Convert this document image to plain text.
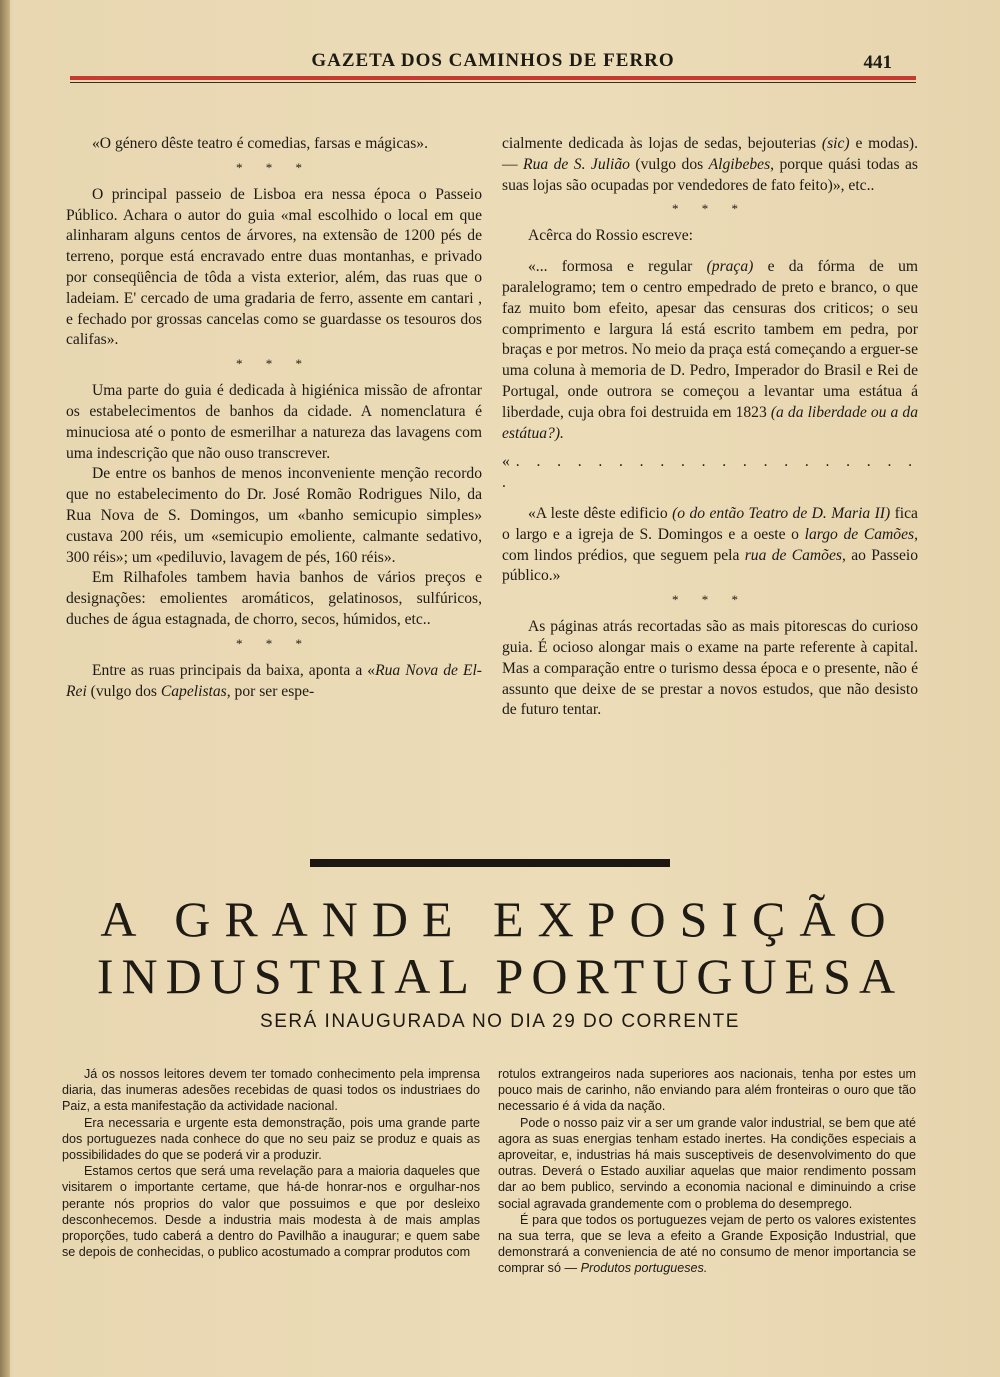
GAZETA DOS CAMINHOS DE FERRO	441

«O género dêste teatro é comedias, farsas e mágicas».

* * *

O principal passeio de Lisboa era nessa época o Passeio Público. Achara o autor do guia «mal escolhido o local em que alinharam alguns centos de árvores, na extensão de 1200 pés de terreno, porque está encravado entre duas montanhas, e privado por conseqüência de tôda a vista exterior, além, das ruas que o ladeiam. E' cercado de uma gradaria de ferro, assente em cantari , e fechado por grossas cancelas como se guardasse os tesouros dos califas».

* * *

Uma parte do guia é dedicada à higiénica missão de afrontar os estabelecimentos de banhos da cidade. A nomenclatura é minuciosa até o ponto de esmerilhar a natureza das lavagens com uma indescrição que não ouso transcrever.

De entre os banhos de menos inconveniente menção recordo que no estabelecimento do Dr. José Romão Rodrigues Nilo, da Rua Nova de S. Domingos, um «banho semicupio simples» custava 200 réis, um «semicupio emoliente, calmante sedativo, 300 réis»; um «pediluvio, lavagem de pés, 160 réis».

Em Rilhafoles tambem havia banhos de vários preços e designações: emolientes aromáticos, gelatinosos, sulfúricos, duches de água estagnada, de chorro, secos, húmidos, etc..

* * *

Entre as ruas principais da baixa, aponta a «Rua Nova de El-Rei (vulgo dos Capelistas, por ser espe-

cialmente dedicada às lojas de sedas, bejouterias (sic) e modas). — Rua de S. Julião (vulgo dos Algibebes, porque quási todas as suas lojas são ocupadas por vendedores de fato feito)», etc..

* * *

Acêrca do Rossio escreve:

«... formosa e regular (praça) e da fórma de um paralelogramo; tem o centro empedrado de preto e branco, o que faz muito bom efeito, apesar das censuras dos criticos; o seu comprimento e largura lá está escrito tambem em pedra, por braças e por metros. No meio da praça está começando a erguer-se uma coluna à memoria de D. Pedro, Imperador do Brasil e Rei de Portugal, onde outrora se começou a levantar uma estátua á liberdade, cuja obra foi destruida em 1823 (a da liberdade ou a da estátua?).

«. . . . . . . . . . . . . . . . . . . . .

«A leste dêste edificio (o do então Teatro de D. Maria II) fica o largo e a igreja de S. Domingos e a oeste o largo de Camões, com lindos prédios, que seguem pela rua de Camões, ao Passeio público.»

* * *

As páginas atrás recortadas são as mais pitorescas do curioso guia. É ocioso alongar mais o exame na parte referente à capital. Mas a comparação entre o turismo dessa época e o presente, não é assunto que deixe de se prestar a novos estudos, que não desisto de futuro tentar.

A GRANDE EXPOSIÇÃO
INDUSTRIAL PORTUGUESA
SERÁ INAUGURADA NO DIA 29 DO CORRENTE

Já os nossos leitores devem ter tomado conhecimento pela imprensa diaria, das inumeras adesões recebidas de quasi todos os industriaes do Paiz, a esta manifestação da actividade nacional.

Era necessaria e urgente esta demonstração, pois uma grande parte dos portuguezes nada conhece do que no seu paiz se produz e quais as possibilidades do que se poderá vir a produzir.

Estamos certos que será uma revelação para a maioria daqueles que visitarem o importante certame, que há-de honrar-nos e orgulhar-nos perante nós proprios do valor que possuimos e que por desleixo desconhecemos. Desde a industria mais modesta à de mais amplas proporções, tudo caberá a dentro do Pavilhão a inaugurar; e quem sabe se depois de conhecidas, o publico acostumado a comprar produtos com

rotulos extrangeiros nada superiores aos nacionais, tenha por estes um pouco mais de carinho, não enviando para além fronteiras o ouro que tão necessario é á vida da nação.

Pode o nosso paiz vir a ser um grande valor industrial, se bem que até agora as suas energias tenham estado inertes. Ha condições especiais a aproveitar, e, industrias há mais susceptiveis de desenvolvimento do que outras. Deverá o Estado auxiliar aquelas que maior rendimento possam dar ao bem publico, servindo a economia nacional e diminuindo a crise social agravada grandemente com o problema do desemprego.

É para que todos os portuguezes vejam de perto os valores existentes na sua terra, que se leva a efeito a Grande Exposição Industrial, que demonstrará a conveniencia de até no consumo de menor importancia se comprar só — Produtos portugueses.
